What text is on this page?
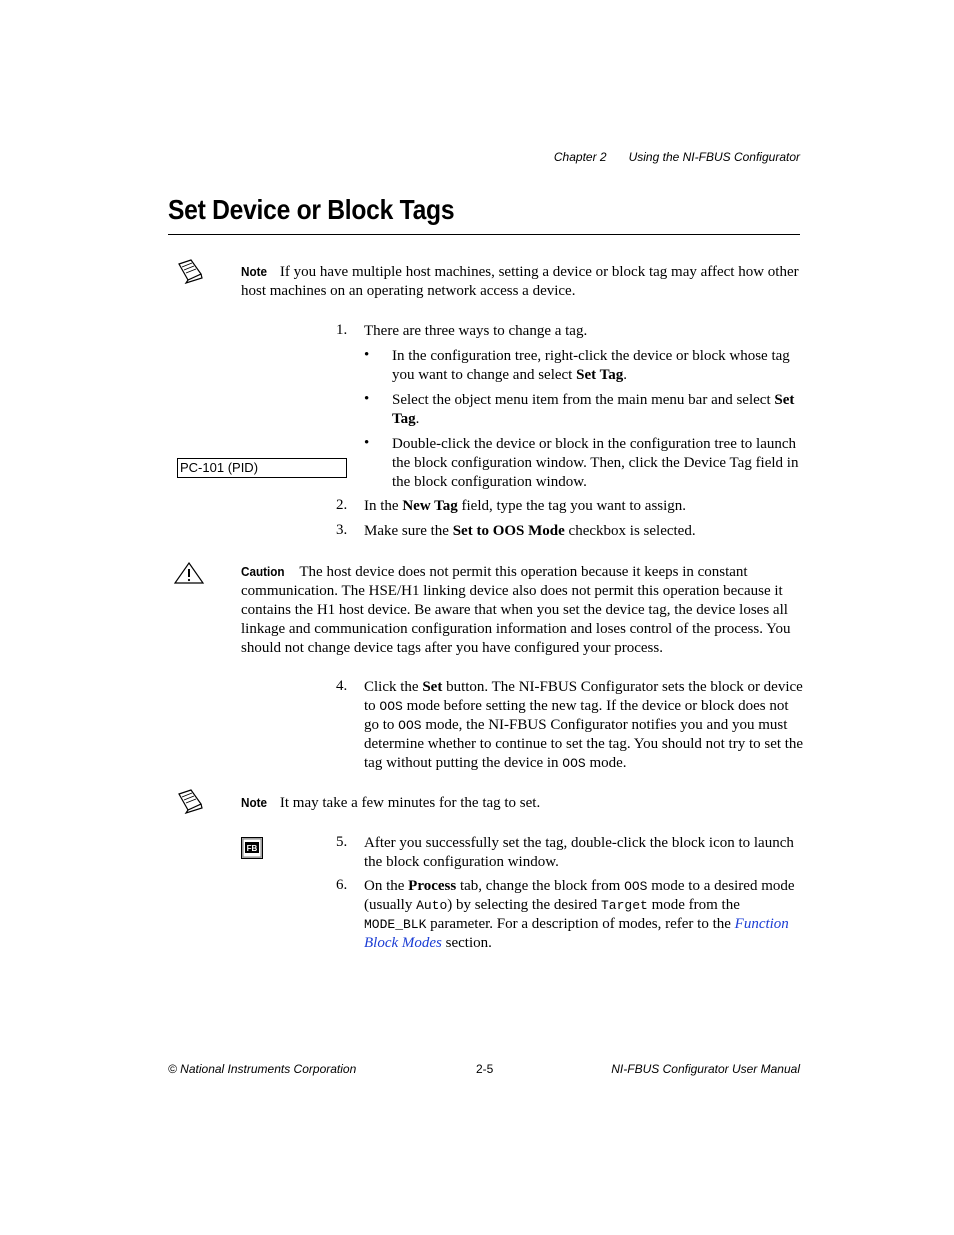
Chapter 2 Using the NI-FBUS Configurator
Set Device or Block Tags
Note If you have multiple host machines, setting a device or block tag may affect how other host machines on an operating network access a device.
1. There are three ways to change a tag.
• In the configuration tree, right-click the device or block whose tag you want to change and select Set Tag.
• Select the object menu item from the main menu bar and select Set Tag.
• Double-click the device or block in the configuration tree to launch the block configuration window. Then, click the Device Tag field in the block configuration window.
PC-101 (PID)
2. In the New Tag field, type the tag you want to assign.
3. Make sure the Set to OOS Mode checkbox is selected.
Caution The host device does not permit this operation because it keeps in constant communication. The HSE/H1 linking device also does not permit this operation because it contains the H1 host device. Be aware that when you set the device tag, the device loses all linkage and communication configuration information and loses control of the process. You should not change device tags after you have configured your process.
4. Click the Set button. The NI-FBUS Configurator sets the block or device to OOS mode before setting the new tag. If the device or block does not go to OOS mode, the NI-FBUS Configurator notifies you and you must determine whether to continue to set the tag. You should not try to set the tag without putting the device in OOS mode.
Note It may take a few minutes for the tag to set.
FB	5. After you successfully set the tag, double-click the block icon to launch the block configuration window.
6. On the Process tab, change the block from OOS mode to a desired mode (usually Auto) by selecting the desired Target mode from the MODE_BLK parameter. For a description of modes, refer to the Function Block Modes section.
© National Instruments Corporation	2-5	NI-FBUS Configurator User Manual
